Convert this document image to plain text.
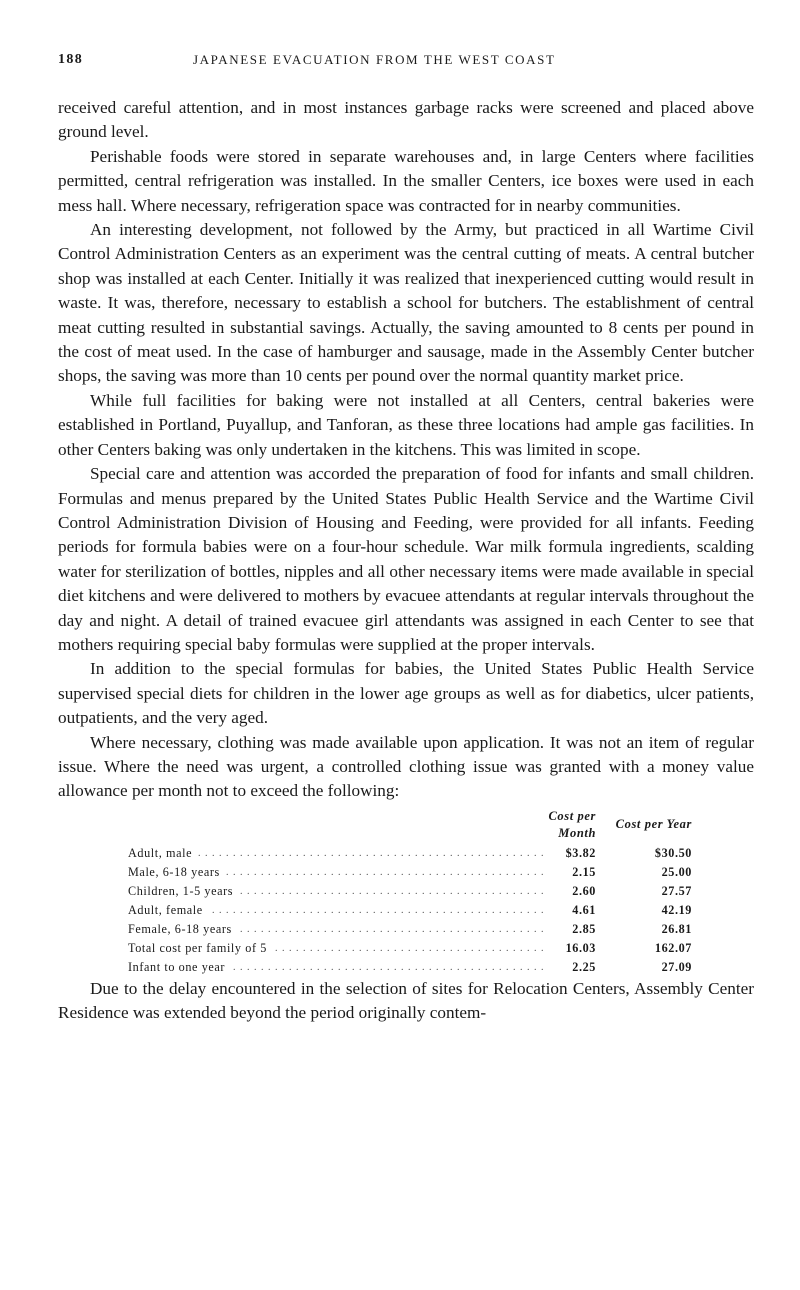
188	JAPANESE EVACUATION FROM THE WEST COAST

received careful attention, and in most instances garbage racks were screened and placed above ground level.

Perishable foods were stored in separate warehouses and, in large Centers where facilities permitted, central refrigeration was installed. In the smaller Centers, ice boxes were used in each mess hall. Where necessary, refrigeration space was contracted for in nearby communities.

An interesting development, not followed by the Army, but practiced in all Wartime Civil Control Administration Centers as an experiment was the central cutting of meats. A central butcher shop was installed at each Center. Initially it was realized that inexperienced cutting would result in waste. It was, therefore, necessary to establish a school for butchers. The establishment of central meat cutting resulted in substantial savings. Actually, the saving amounted to 8 cents per pound in the cost of meat used. In the case of hamburger and sausage, made in the Assembly Center butcher shops, the saving was more than 10 cents per pound over the normal quantity market price.

While full facilities for baking were not installed at all Centers, central bakeries were established in Portland, Puyallup, and Tanforan, as these three locations had ample gas facilities. In other Centers baking was only undertaken in the kitchens. This was limited in scope.

Special care and attention was accorded the preparation of food for infants and small children. Formulas and menus prepared by the United States Public Health Service and the Wartime Civil Control Administration Division of Housing and Feeding, were provided for all infants. Feeding periods for formula babies were on a four-hour schedule. War milk formula ingredients, scalding water for sterilization of bottles, nipples and all other necessary items were made available in special diet kitchens and were delivered to mothers by evacuee attendants at regular intervals throughout the day and night. A detail of trained evacuee girl attendants was assigned in each Center to see that mothers requiring special baby formulas were supplied at the proper intervals.

In addition to the special formulas for babies, the United States Public Health Service supervised special diets for children in the lower age groups as well as for diabetics, ulcer patients, outpatients, and the very aged.

Where necessary, clothing was made available upon application. It was not an item of regular issue. Where the need was urgent, a controlled clothing issue was granted with a money value allowance per month not to exceed the following:

	Cost per Month	Cost per Year
Adult, male . . .	$3.82	$30.50
Male, 6-18 years . . .	2.15	25.00
Children, 1-5 years . . .	2.60	27.57
Adult, female . . .	4.61	42.19
Female, 6-18 years . . .	2.85	26.81
Total cost per family of 5 . . .	16.03	162.07
Infant to one year . . .	2.25	27.09

Due to the delay encountered in the selection of sites for Relocation Centers, Assembly Center Residence was extended beyond the period originally contem-
